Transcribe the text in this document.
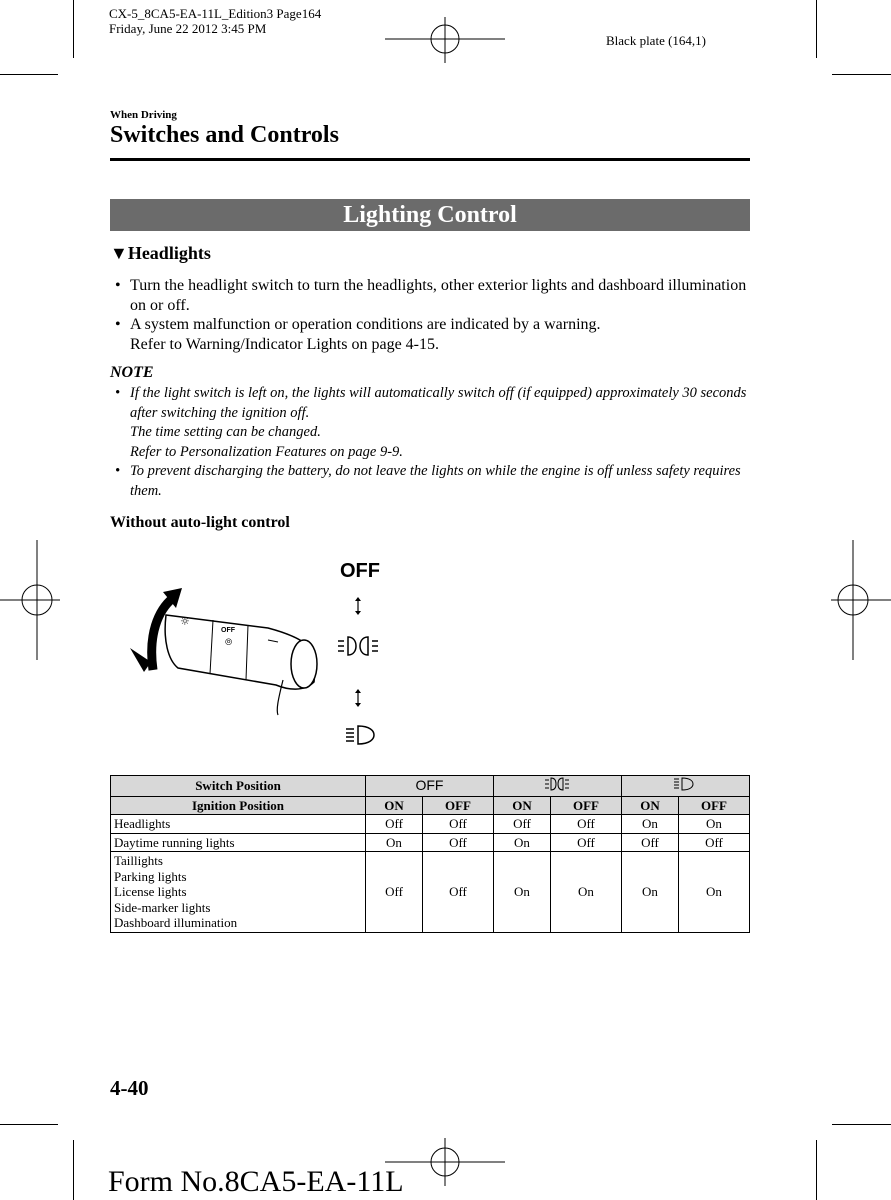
CX-5_8CA5-EA-11L_Edition3 Page164
Friday, June 22 2012 3:45 PM
Black plate (164,1)
When Driving
Switches and Controls
Lighting Control
▼Headlights
• Turn the headlight switch to turn the headlights, other exterior lights and dashboard illumination on or off.
• A system malfunction or operation conditions are indicated by a warning.
Refer to Warning/Indicator Lights on page 4-15.
NOTE
• If the light switch is left on, the lights will automatically switch off (if equipped) approximately 30 seconds after switching the ignition off.
The time setting can be changed.
Refer to Personalization Features on page 9-9.
• To prevent discharging the battery, do not leave the lights on while the engine is off unless safety requires them.
Without auto-light control
OFF
OFF
☼
⦾
Switch Position	OFF		
Ignition Position	ON	OFF	ON	OFF	ON	OFF
Headlights	Off	Off	Off	Off	On	On
Daytime running lights	On	Off	On	Off	Off	Off

Taillights
Parking lights
License lights
Side-marker lights
Dashboard illumination	Off	Off	On	On	On	On
4-40
Form No.8CA5-EA-11L
